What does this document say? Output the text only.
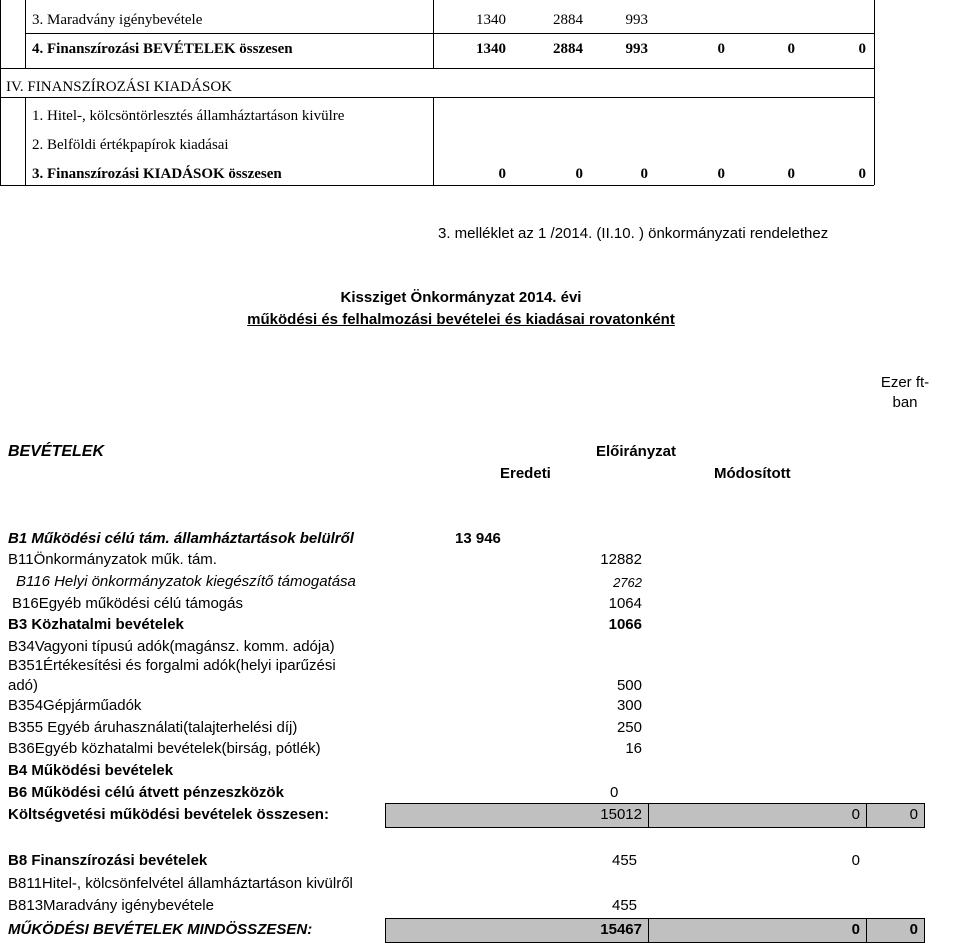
3. Maradvány igénybevétele	1340	2884	993
4. Finanszírozási BEVÉTELEK összesen	1340	2884	993	0	0	0
IV. FINANSZÍROZÁSI KIADÁSOK
1. Hitel-, kölcsöntörlesztés államháztartáson kivülre
2. Belföldi értékpapírok kiadásai
3. Finanszírozási KIADÁSOK összesen	0	0	0	0	0	0
3. melléklet az 1 /2014. (II.10. ) önkormányzati rendelethez
Kissziget Önkormányzat 2014. évi
működési és felhalmozási bevételei és kiadásai rovatonként
Ezer ft-
ban
BEVÉTELEK	Előirányzat
Eredeti	Módosított
B1 Működési célú tám. államháztartások belülről	13 946
B11Önkormányzatok műk. tám.	12882
B116 Helyi önkormányzatok kiegészítő támogatása	2762
B16Egyéb működési célú támogás	1064
B3 Közhatalmi bevételek	1066
B34Vagyoni típusú adók(magánsz. komm. adója)
B351Értékesítési és forgalmi adók(helyi iparűzési
adó)	500
B354Gépjárműadók	300
B355 Egyéb áruhasználati(talajterhelési díj)	250
B36Egyéb közhatalmi bevételek(birság, pótlék)	16
B4 Működési bevételek
B6 Működési célú átvett pénzeszközök	0
Költségvetési működési bevételek összesen:	15012	0	0
B8 Finanszírozási bevételek	455	0
B811Hitel-, kölcsönfelvétel államháztartáson kivülről
B813Maradvány igénybevétele	455
MŰKÖDÉSI BEVÉTELEK MINDÖSSZESEN:	15467	0	0
